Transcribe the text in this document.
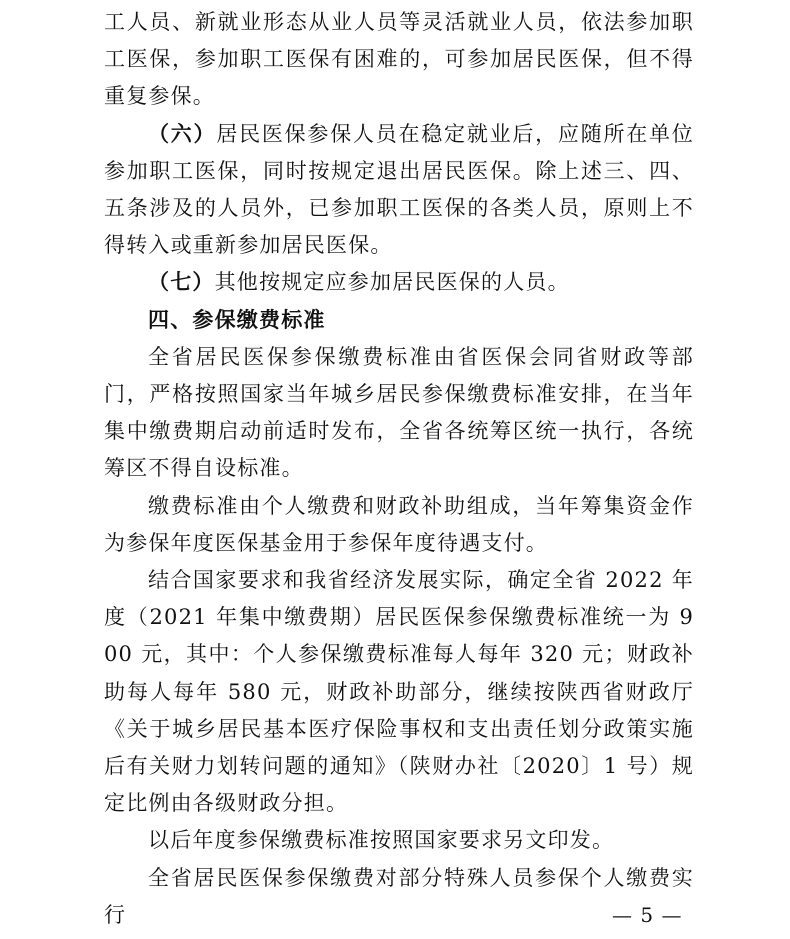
工人员、新就业形态从业人员等灵活就业人员，依法参加职工医保，参加职工医保有困难的，可参加居民医保，但不得重复参保。

（六）居民医保参保人员在稳定就业后，应随所在单位参加职工医保，同时按规定退出居民医保。除上述三、四、五条涉及的人员外，已参加职工医保的各类人员，原则上不得转入或重新参加居民医保。

（七）其他按规定应参加居民医保的人员。

四、参保缴费标准

全省居民医保参保缴费标准由省医保会同省财政等部门，严格按照国家当年城乡居民参保缴费标准安排，在当年集中缴费期启动前适时发布，全省各统筹区统一执行，各统筹区不得自设标准。

缴费标准由个人缴费和财政补助组成，当年筹集资金作为参保年度医保基金用于参保年度待遇支付。

结合国家要求和我省经济发展实际，确定全省 2022 年度（2021 年集中缴费期）居民医保参保缴费标准统一为 900 元，其中：个人参保缴费标准每人每年 320 元；财政补助每人每年 580 元，财政补助部分，继续按陕西省财政厅《关于城乡居民基本医疗保险事权和支出责任划分政策实施后有关财力划转问题的通知》（陕财办社〔2020〕1 号）规定比例由各级财政分担。

以后年度参保缴费标准按照国家要求另文印发。

全省居民医保参保缴费对部分特殊人员参保个人缴费实行	— 5 —
